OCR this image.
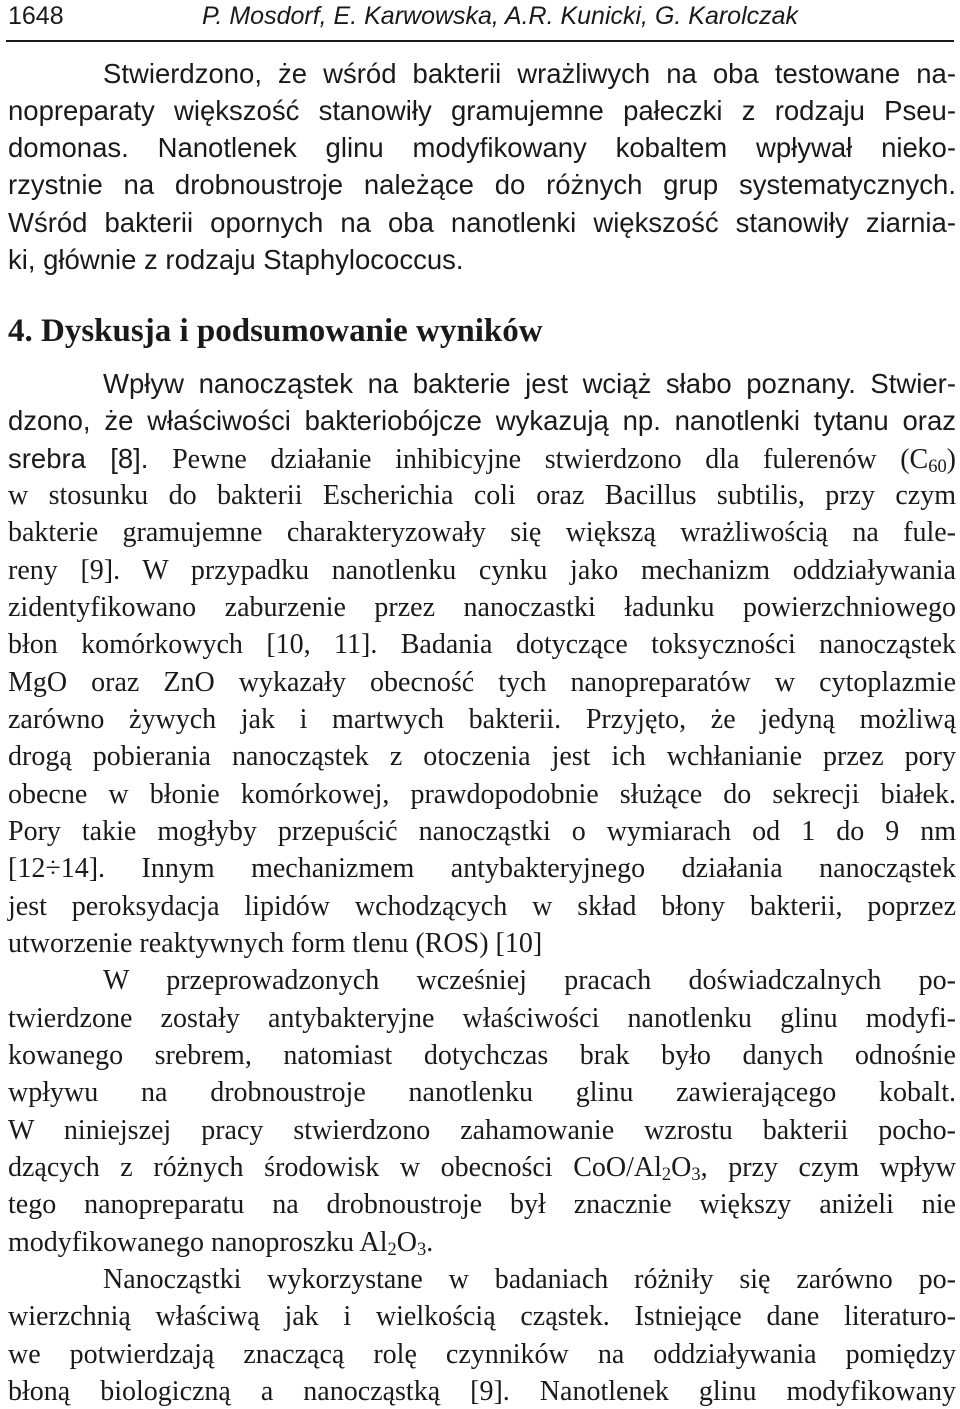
1648	P. Mosdorf, E. Karwowska, A.R. Kunicki, G. Karolczak
Stwierdzono, że wśród bakterii wrażliwych na oba testowane na-
nopreparaty większość stanowiły gramujemne pałeczki z rodzaju Pseu-
domonas. Nanotlenek glinu modyfikowany kobaltem wpływał nieko-
rzystnie na drobnoustroje należące do różnych grup systematycznych.
Wśród bakterii opornych na oba nanotlenki większość stanowiły ziarnia-
ki, głównie z rodzaju Staphylococcus.
4. Dyskusja i podsumowanie wyników
Wpływ nanocząstek na bakterie jest wciąż słabo poznany. Stwier-
dzono, że właściwości bakteriobójcze wykazują np. nanotlenki tytanu oraz
srebra [8]. Pewne działanie inhibicyjne stwierdzono dla fulerenów $(C_{60})$
w stosunku do bakterii Escherichia coli oraz Bacillus subtilis, przy czym
bakterie gramujemne charakteryzowały się większą wrażliwością na fule-
reny [9]. W przypadku nanotlenku cynku jako mechanizm oddziaływania
zidentyfikowano zaburzenie przez nanoczastki ładunku powierzchniowego
błon komórkowych [10, 11]. Badania dotyczące toksyczności nanocząstek
MgO oraz ZnO wykazały obecność tych nanopreparatów w cytoplazmie
zarówno żywych jak i martwych bakterii. Przyjęto, że jedyną możliwą
drogą pobierania nanocząstek z otoczenia jest ich wchłanianie przez pory
obecne w błonie komórkowej, prawdopodobnie służące do sekrecji białek.
Pory takie mogłyby przepuścić nanocząstki o wymiarach od 1 do 9 nm
[12÷14]. Innym mechanizmem antybakteryjnego działania nanocząstek
jest peroksydacja lipidów wchodzących w skład błony bakterii, poprzez
utworzenie reaktywnych form tlenu (ROS) [10]
W przeprowadzonych wcześniej pracach doświadczalnych po-
twierdzone zostały antybakteryjne właściwości nanotlenku glinu modyfi-
kowanego srebrem, natomiast dotychczas brak było danych odnośnie
wpływu na drobnoustroje nanotlenku glinu zawierającego kobalt.
W niniejszej pracy stwierdzono zahamowanie wzrostu bakterii pocho-
dzących z różnych środowisk w obecności CoO/$Al_2O_3$, przy czym wpływ
tego nanopreparatu na drobnoustroje był znacznie większy aniżeli nie
modyfikowanego nanoproszku $Al_2O_3$.
Nanocząstki wykorzystane w badaniach różniły się zarówno po-
wierzchnią właściwą jak i wielkością cząstek. Istniejące dane literaturo-
we potwierdzają znaczącą rolę czynników na oddziaływania pomiędzy
błoną biologiczną a nanocząstką [9]. Nanotlenek glinu modyfikowany
